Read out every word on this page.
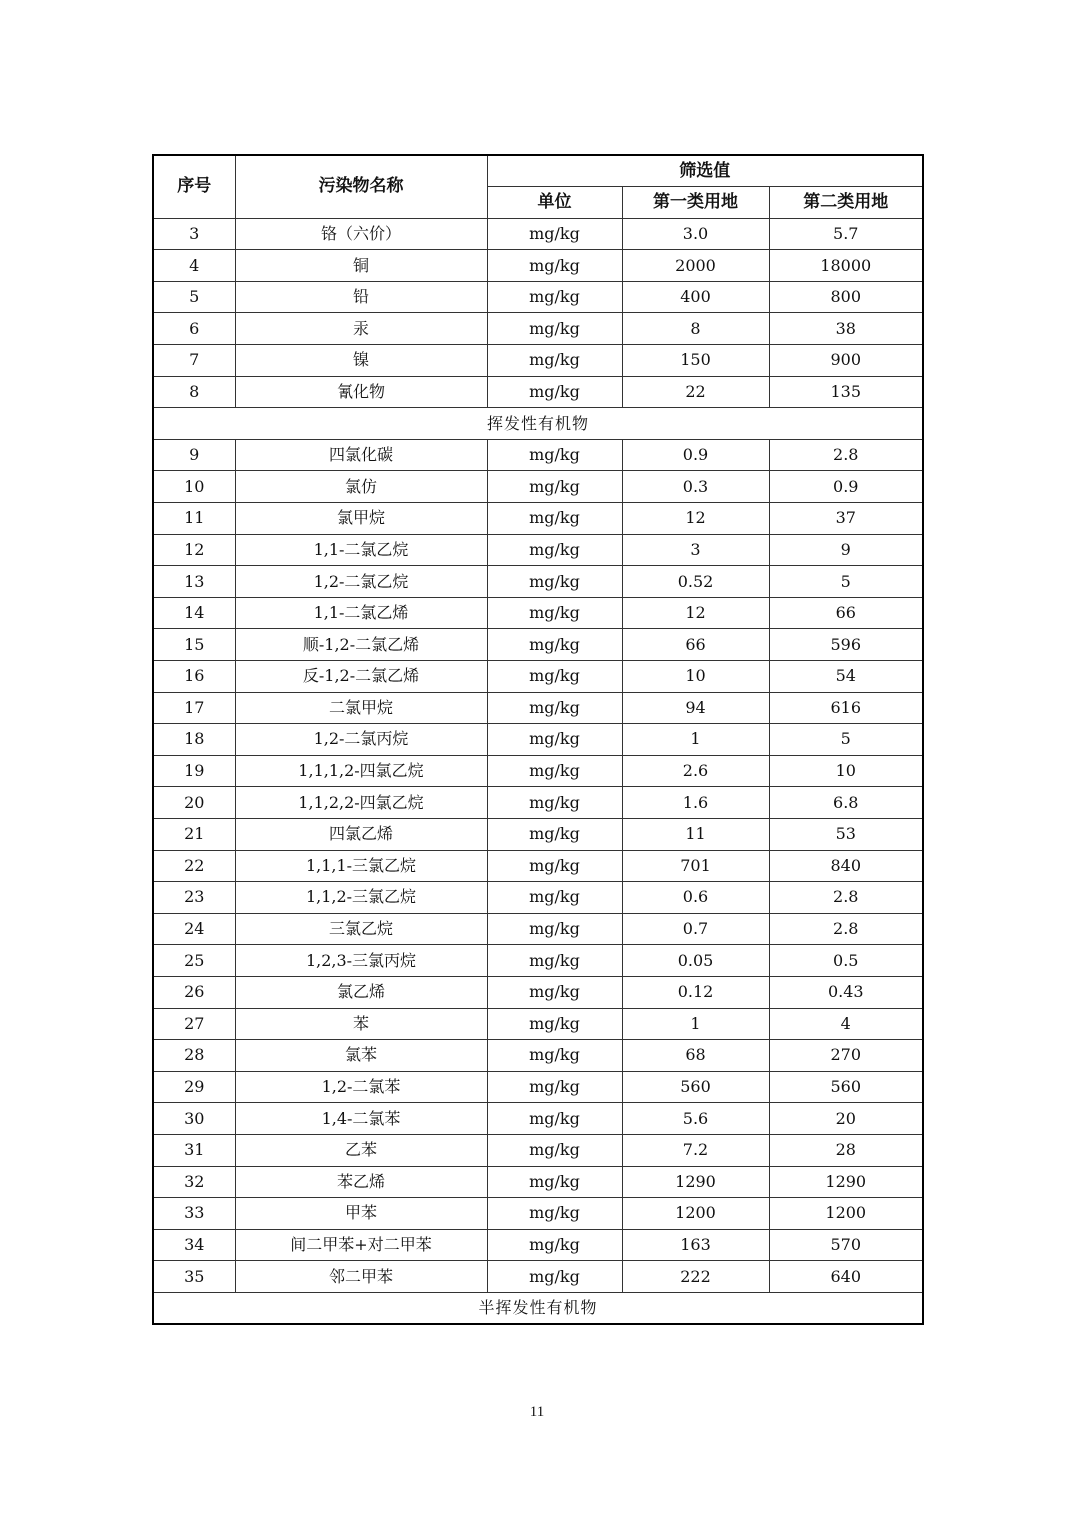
序号	污染物名称	筛选值		
		单位	第一类用地	第二类用地
3	铬（六价）	mg/kg	3.0	5.7
4	铜	mg/kg	2000	18000
5	铅	mg/kg	400	800
6	汞	mg/kg	8	38
7	镍	mg/kg	150	900
8	氰化物	mg/kg	22	135
挥发性有机物				
9	四氯化碳	mg/kg	0.9	2.8
10	氯仿	mg/kg	0.3	0.9
11	氯甲烷	mg/kg	12	37
12	1,1-二氯乙烷	mg/kg	3	9
13	1,2-二氯乙烷	mg/kg	0.52	5
14	1,1-二氯乙烯	mg/kg	12	66
15	顺-1,2-二氯乙烯	mg/kg	66	596
16	反-1,2-二氯乙烯	mg/kg	10	54
17	二氯甲烷	mg/kg	94	616
18	1,2-二氯丙烷	mg/kg	1	5
19	1,1,1,2-四氯乙烷	mg/kg	2.6	10
20	1,1,2,2-四氯乙烷	mg/kg	1.6	6.8
21	四氯乙烯	mg/kg	11	53
22	1,1,1-三氯乙烷	mg/kg	701	840
23	1,1,2-三氯乙烷	mg/kg	0.6	2.8
24	三氯乙烷	mg/kg	0.7	2.8
25	1,2,3-三氯丙烷	mg/kg	0.05	0.5
26	氯乙烯	mg/kg	0.12	0.43
27	苯	mg/kg	1	4
28	氯苯	mg/kg	68	270
29	1,2-二氯苯	mg/kg	560	560
30	1,4-二氯苯	mg/kg	5.6	20
31	乙苯	mg/kg	7.2	28
32	苯乙烯	mg/kg	1290	1290
33	甲苯	mg/kg	1200	1200
34	间二甲苯+对二甲苯	mg/kg	163	570
35	邻二甲苯	mg/kg	222	640
半挥发性有机物				
11
